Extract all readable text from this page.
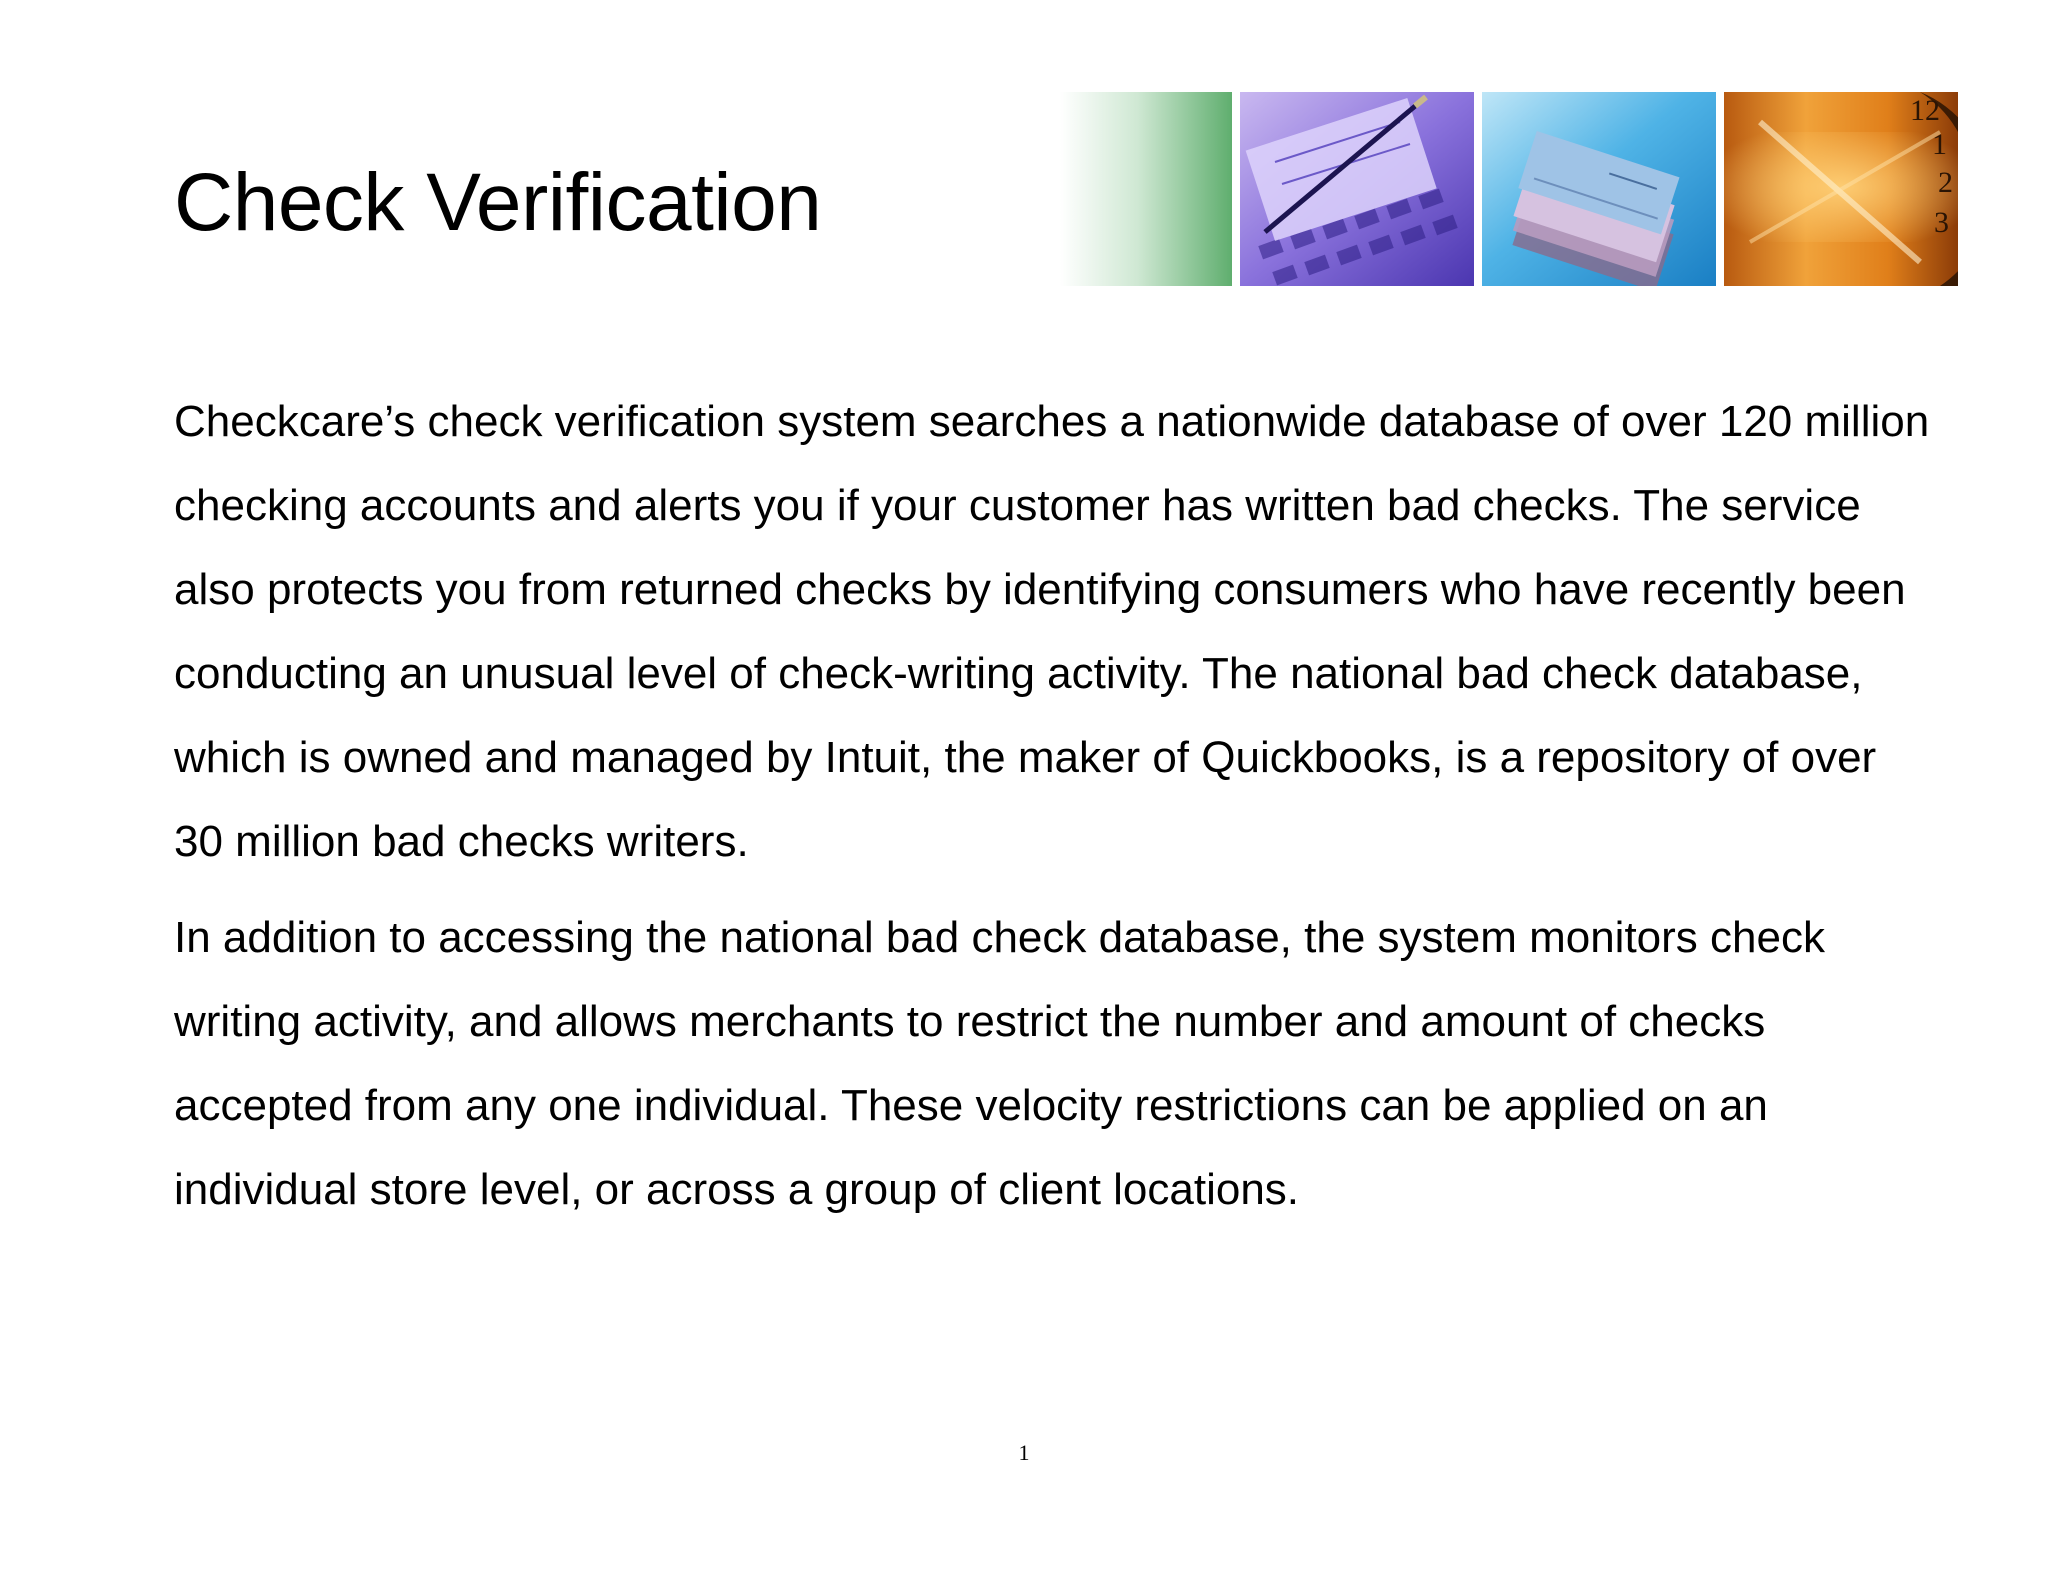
Check Verification
12
1
2
3

Checkcare’s check verification system searches a nationwide database of over 120 million checking accounts and alerts you if your customer has written bad checks. The service also protects you from returned checks by identifying consumers who have recently been conducting an unusual level of check-writing activity. The national bad check database, which is owned and managed by Intuit, the maker of Quickbooks, is a repository of over 30 million bad checks writers.

In addition to accessing the national bad check database, the system monitors check writing activity, and allows merchants to restrict the number and amount of checks accepted from any one individual. These velocity restrictions can be applied on an individual store level, or across a group of client locations.

1
